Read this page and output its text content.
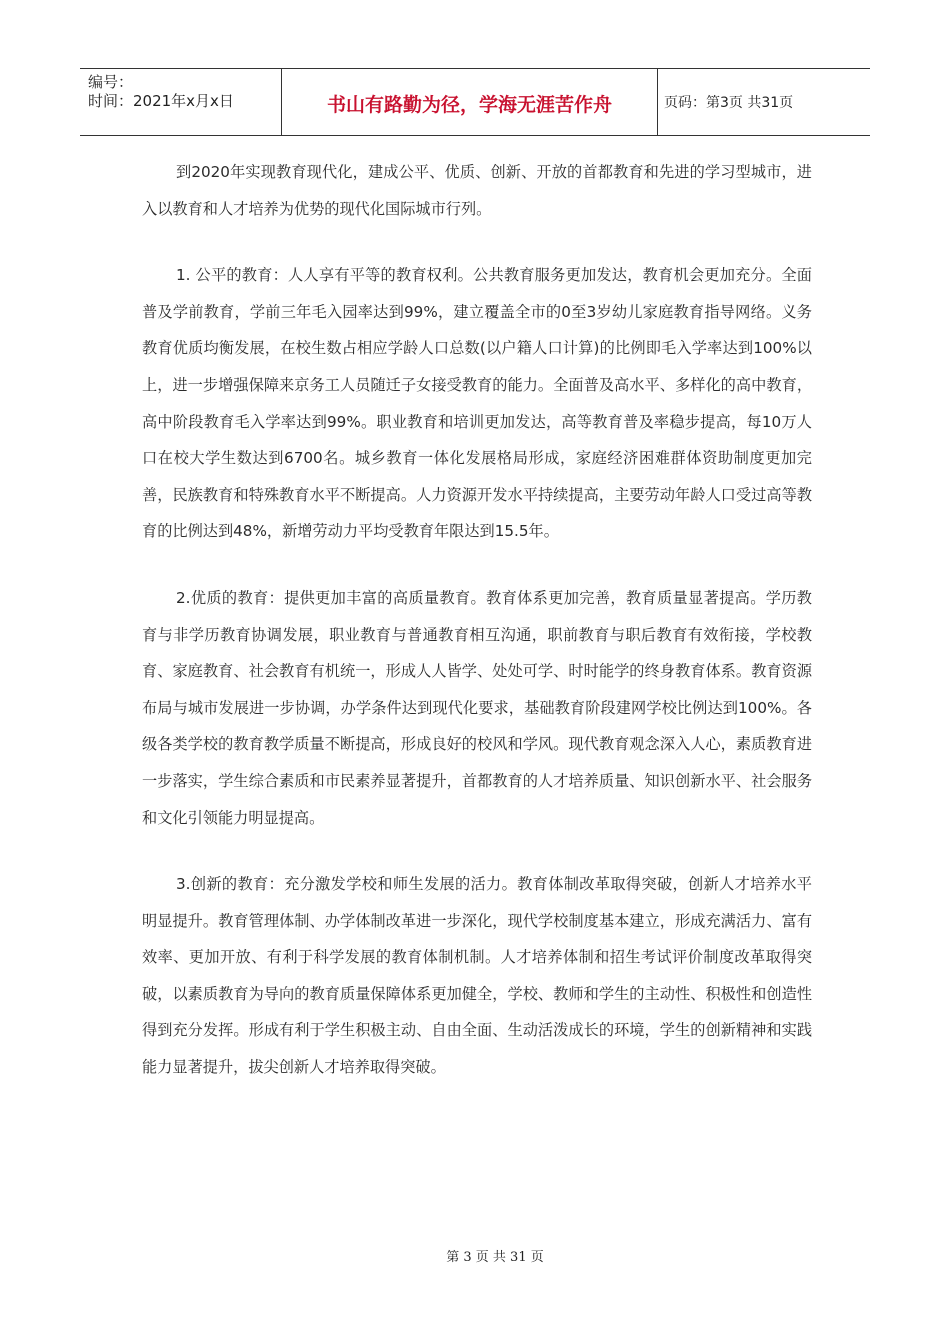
编号：
时间：2021年x月x日	书山有路勤为径，学海无涯苦作舟	页码：第3页 共31页

到2020年实现教育现代化，建成公平、优质、创新、开放的首都教育和先进的学习型城市，进入以教育和人才培养为优势的现代化国际城市行列。

1. 公平的教育：人人享有平等的教育权利。公共教育服务更加发达，教育机会更加充分。全面普及学前教育，学前三年毛入园率达到99%，建立覆盖全市的0至3岁幼儿家庭教育指导网络。义务教育优质均衡发展，在校生数占相应学龄人口总数(以户籍人口计算)的比例即毛入学率达到100%以上，进一步增强保障来京务工人员随迁子女接受教育的能力。全面普及高水平、多样化的高中教育，高中阶段教育毛入学率达到99%。职业教育和培训更加发达，高等教育普及率稳步提高，每10万人口在校大学生数达到6700名。城乡教育一体化发展格局形成，家庭经济困难群体资助制度更加完善，民族教育和特殊教育水平不断提高。人力资源开发水平持续提高，主要劳动年龄人口受过高等教育的比例达到48%，新增劳动力平均受教育年限达到15.5年。

2.优质的教育：提供更加丰富的高质量教育。教育体系更加完善，教育质量显著提高。学历教育与非学历教育协调发展，职业教育与普通教育相互沟通，职前教育与职后教育有效衔接，学校教育、家庭教育、社会教育有机统一，形成人人皆学、处处可学、时时能学的终身教育体系。教育资源布局与城市发展进一步协调，办学条件达到现代化要求，基础教育阶段建网学校比例达到100%。各级各类学校的教育教学质量不断提高，形成良好的校风和学风。现代教育观念深入人心，素质教育进一步落实，学生综合素质和市民素养显著提升，首都教育的人才培养质量、知识创新水平、社会服务和文化引领能力明显提高。

3.创新的教育：充分激发学校和师生发展的活力。教育体制改革取得突破，创新人才培养水平明显提升。教育管理体制、办学体制改革进一步深化，现代学校制度基本建立，形成充满活力、富有效率、更加开放、有利于科学发展的教育体制机制。人才培养体制和招生考试评价制度改革取得突破，以素质教育为导向的教育质量保障体系更加健全，学校、教师和学生的主动性、积极性和创造性得到充分发挥。形成有利于学生积极主动、自由全面、生动活泼成长的环境，学生的创新精神和实践能力显著提升，拔尖创新人才培养取得突破。

第 3 页 共 31 页
